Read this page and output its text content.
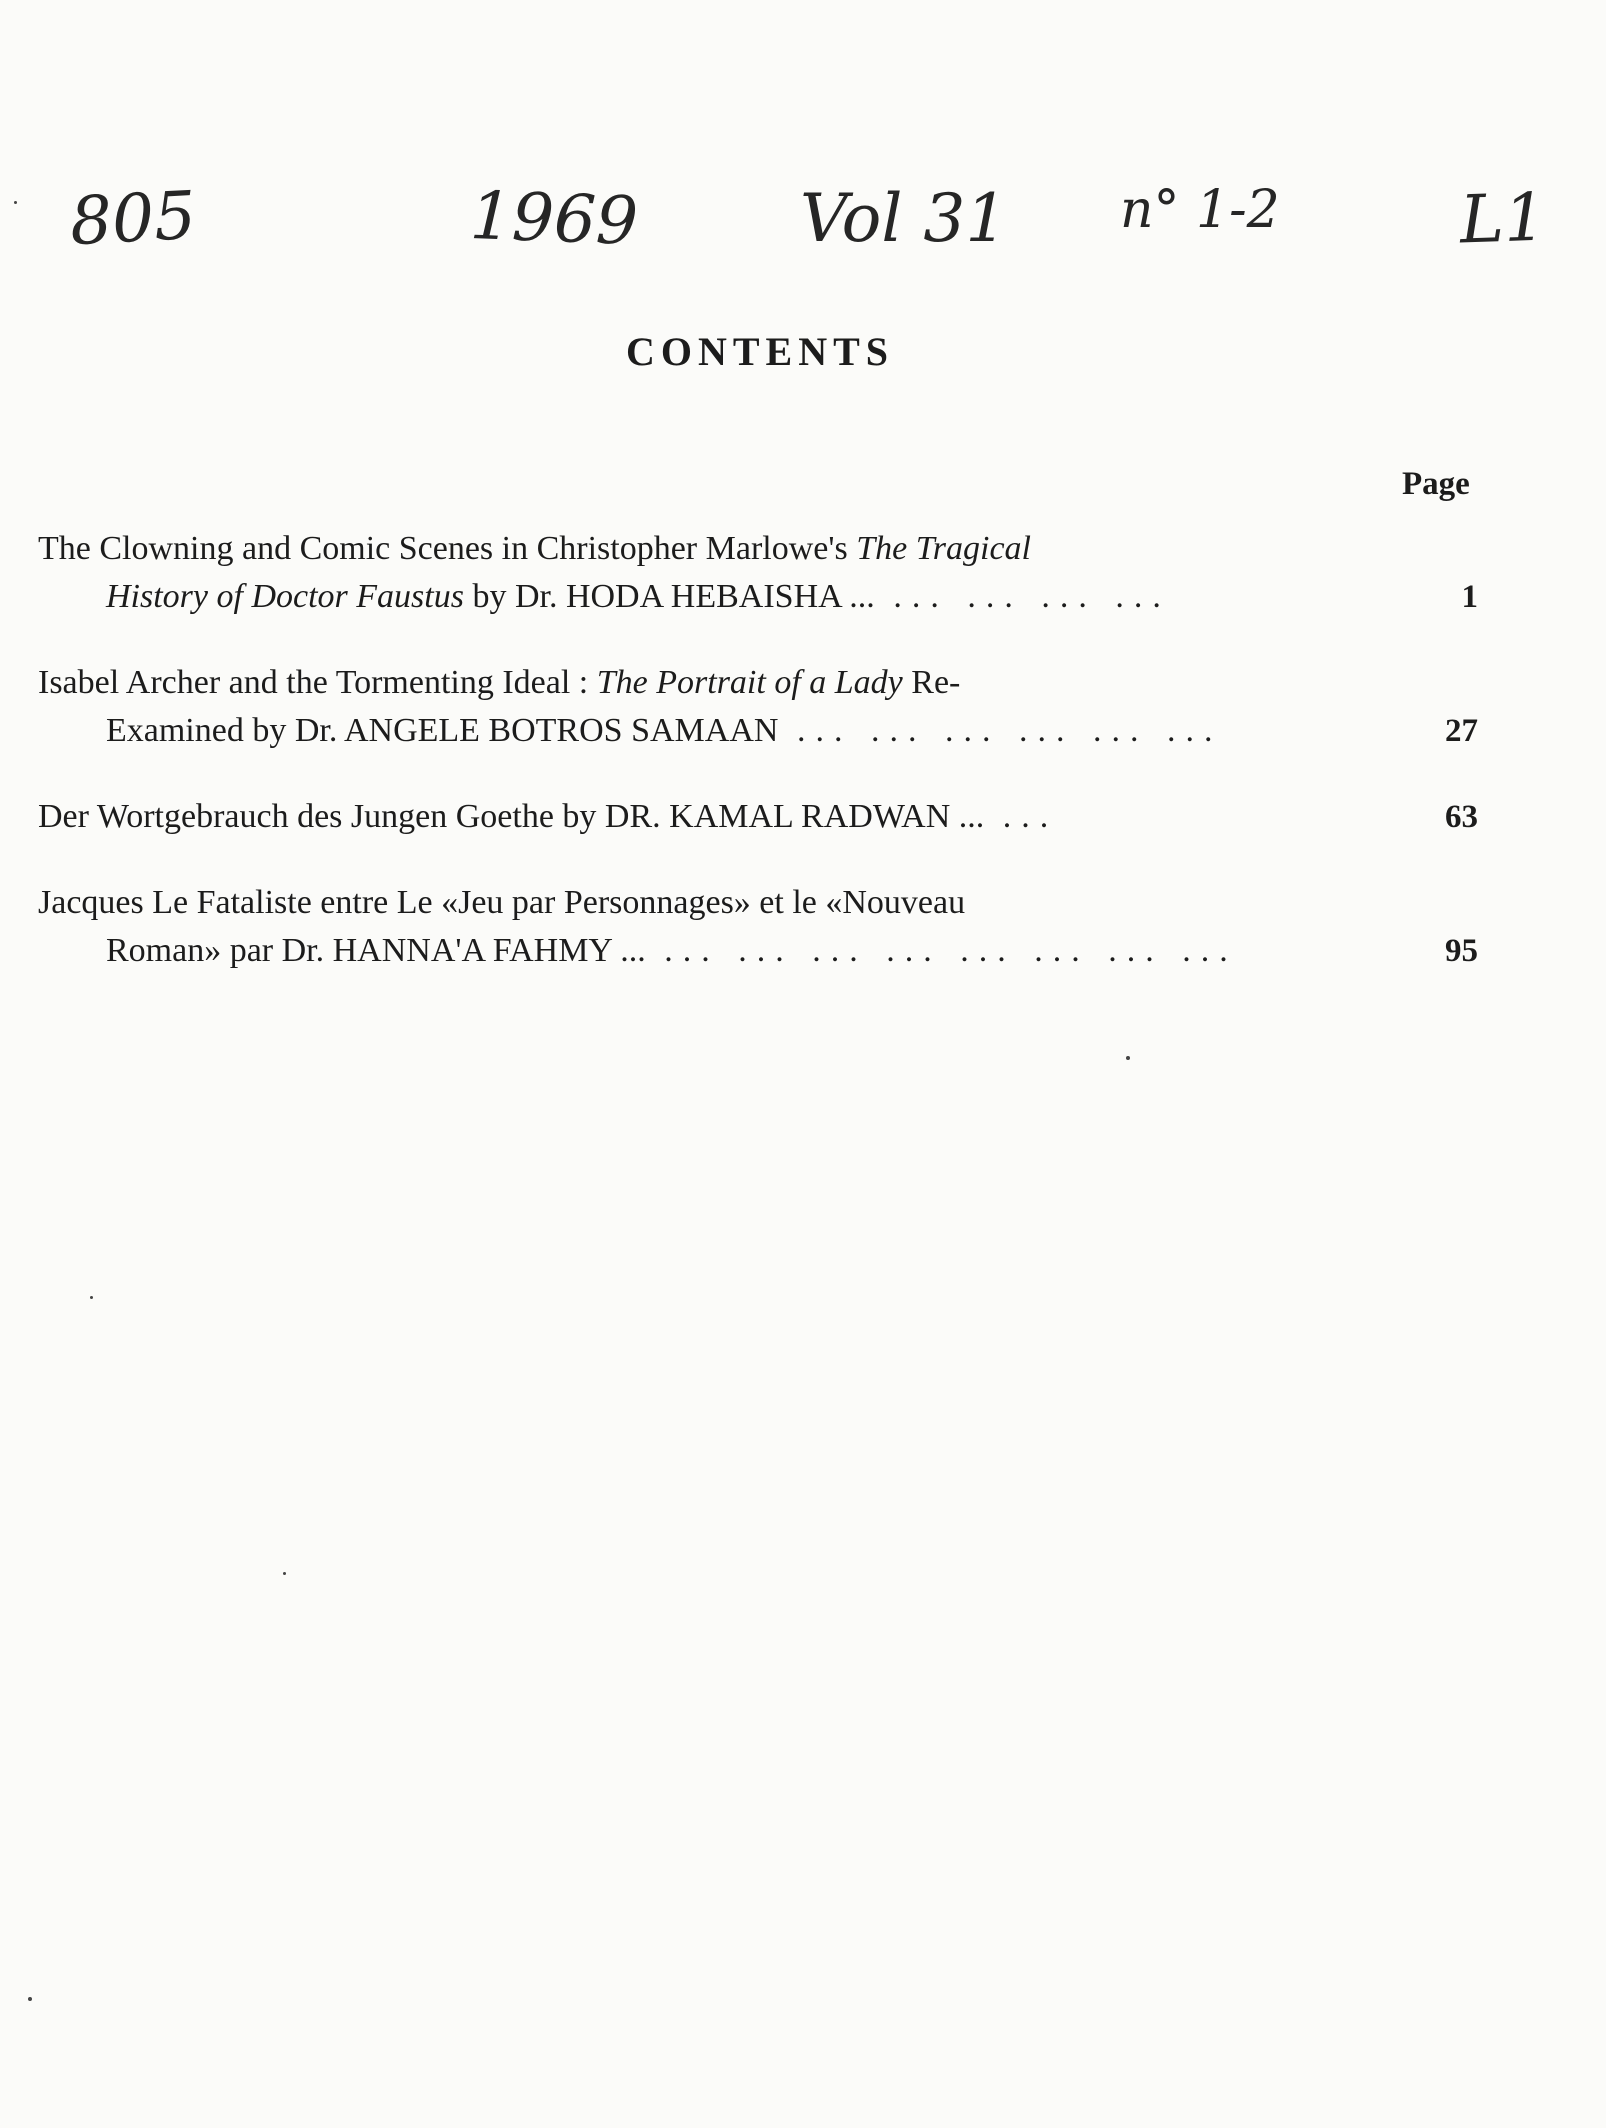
805	1969 Vol 31 n° 1-2	L1
CONTENTS
Page
The Clowning and Comic Scenes in Christopher Marlowe's The Tragical
History of Doctor Faustus by Dr. HODA HEBAISHA ... ... ... ... ...	1
Isabel Archer and the Tormenting Ideal : The Portrait of a Lady Re-
Examined by Dr. ANGELE BOTROS SAMAAN ... ... ... ... ... ...	27
Der Wortgebrauch des Jungen Goethe by DR. KAMAL RADWAN ... ...	63
Jacques Le Fataliste entre Le «Jeu par Personnages» et le «Nouveau
Roman» par Dr. HANNA'A FAHMY ... ... ... ... ... ... ... ... ...	95
